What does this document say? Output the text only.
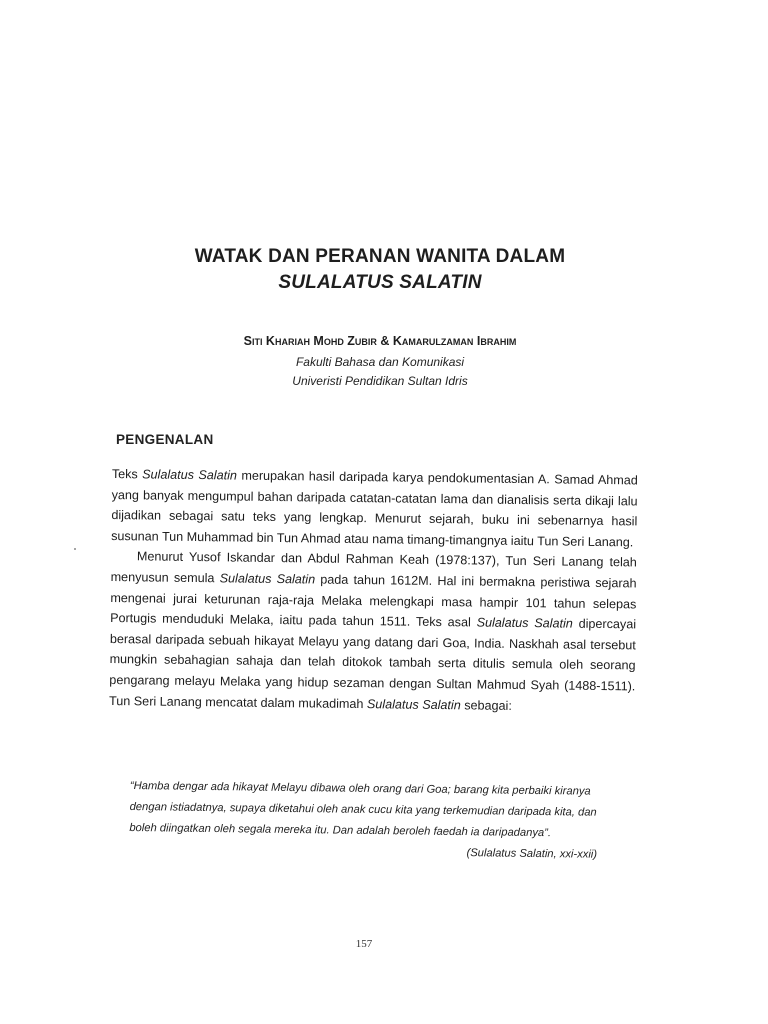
WATAK DAN PERANAN WANITA DALAM
SULALATUS SALATIN
Siti Khariah Mohd Zubir & Kamarulzaman Ibrahim
Fakulti Bahasa dan Komunikasi
Univeristi Pendidikan Sultan Idris
PENGENALAN

Teks Sulalatus Salatin merupakan hasil daripada karya pendokumentasian A. Samad Ahmad yang banyak mengumpul bahan daripada catatan-catatan lama dan dianalisis serta dikaji lalu dijadikan sebagai satu teks yang lengkap. Menurut sejarah, buku ini sebenarnya hasil susunan Tun Muhammad bin Tun Ahmad atau nama timang-timangnya iaitu Tun Seri Lanang.

Menurut Yusof Iskandar dan Abdul Rahman Keah (1978:137), Tun Seri Lanang telah menyusun semula Sulalatus Salatin pada tahun 1612M. Hal ini bermakna peristiwa sejarah mengenai jurai keturunan raja-raja Melaka melengkapi masa hampir 101 tahun selepas Portugis menduduki Melaka, iaitu pada tahun 1511. Teks asal Sulalatus Salatin dipercayai berasal daripada sebuah hikayat Melayu yang datang dari Goa, India. Naskhah asal tersebut mungkin sebahagian sahaja dan telah ditokok tambah serta ditulis semula oleh seorang pengarang melayu Melaka yang hidup sezaman dengan Sultan Mahmud Syah (1488-1511). Tun Seri Lanang mencatat dalam mukadimah Sulalatus Salatin sebagai:

“Hamba dengar ada hikayat Melayu dibawa oleh orang dari Goa; barang kita perbaiki kiranya dengan istiadatnya, supaya diketahui oleh anak cucu kita yang terkemudian daripada kita, dan boleh diingatkan oleh segala mereka itu. Dan adalah beroleh faedah ia daripadanya”.
(Sulalatus Salatin, xxi-xxii)
157
